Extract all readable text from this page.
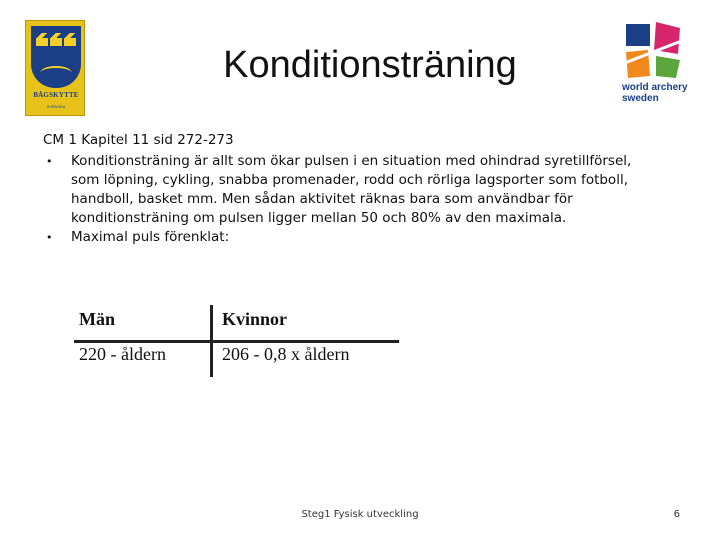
BÅGSKYTTE
SVENSKA
Konditionsträning
world archery
sweden

CM 1 Kapitel 11 sid 272-273

• Konditionsträning är allt som ökar pulsen i en situation med ohindrad syretillförsel, som löpning, cykling, snabba promenader, rodd och rörliga lagsporter som fotboll, handboll, basket mm. Men sådan aktivitet räknas bara som användbar för konditionsträning om pulsen ligger mellan 50 och 80% av den maximala.

• Maximal puls förenklat:

Män	Kvinnor
220 - åldern	206 - 0,8 x åldern
Steg1 Fysisk utveckling	6
